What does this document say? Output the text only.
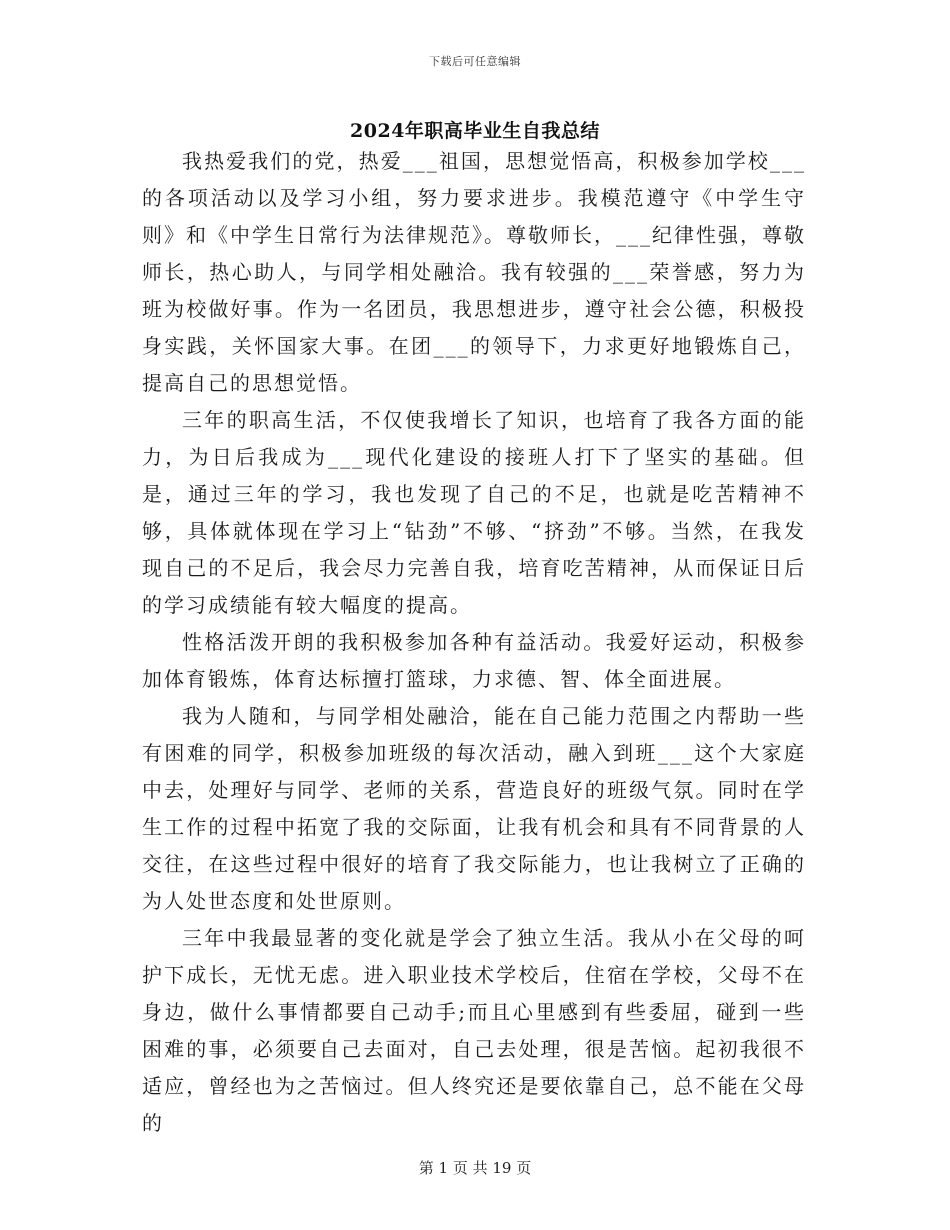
下载后可任意编辑
2024年职高毕业生自我总结

我热爱我们的党，热爱___祖国，思想觉悟高，积极参加学校___的各项活动以及学习小组，努力要求进步。我模范遵守《中学生守则》和《中学生日常行为法律规范》。尊敬师长，___纪律性强，尊敬师长，热心助人，与同学相处融洽。我有较强的___荣誉感，努力为班为校做好事。作为一名团员，我思想进步，遵守社会公德，积极投身实践，关怀国家大事。在团___的领导下，力求更好地锻炼自己，提高自己的思想觉悟。

三年的职高生活，不仅使我增长了知识，也培育了我各方面的能力，为日后我成为___现代化建设的接班人打下了坚实的基础。但是，通过三年的学习，我也发现了自己的不足，也就是吃苦精神不够，具体就体现在学习上“钻劲”不够、“挤劲”不够。当然，在我发现自己的不足后，我会尽力完善自我，培育吃苦精神，从而保证日后的学习成绩能有较大幅度的提高。

性格活泼开朗的我积极参加各种有益活动。我爱好运动，积极参加体育锻炼，体育达标擅打篮球，力求德、智、体全面进展。

我为人随和，与同学相处融洽，能在自己能力范围之内帮助一些有困难的同学，积极参加班级的每次活动，融入到班___这个大家庭中去，处理好与同学、老师的关系，营造良好的班级气氛。同时在学生工作的过程中拓宽了我的交际面，让我有机会和具有不同背景的人交往，在这些过程中很好的培育了我交际能力，也让我树立了正确的为人处世态度和处世原则。

三年中我最显著的变化就是学会了独立生活。我从小在父母的呵护下成长，无忧无虑。进入职业技术学校后，住宿在学校，父母不在身边，做什么事情都要自己动手;而且心里感到有些委屈，碰到一些困难的事，必须要自己去面对，自己去处理，很是苦恼。起初我很不适应，曾经也为之苦恼过。但人终究还是要依靠自己，总不能在父母的

第 1 页 共 19 页
